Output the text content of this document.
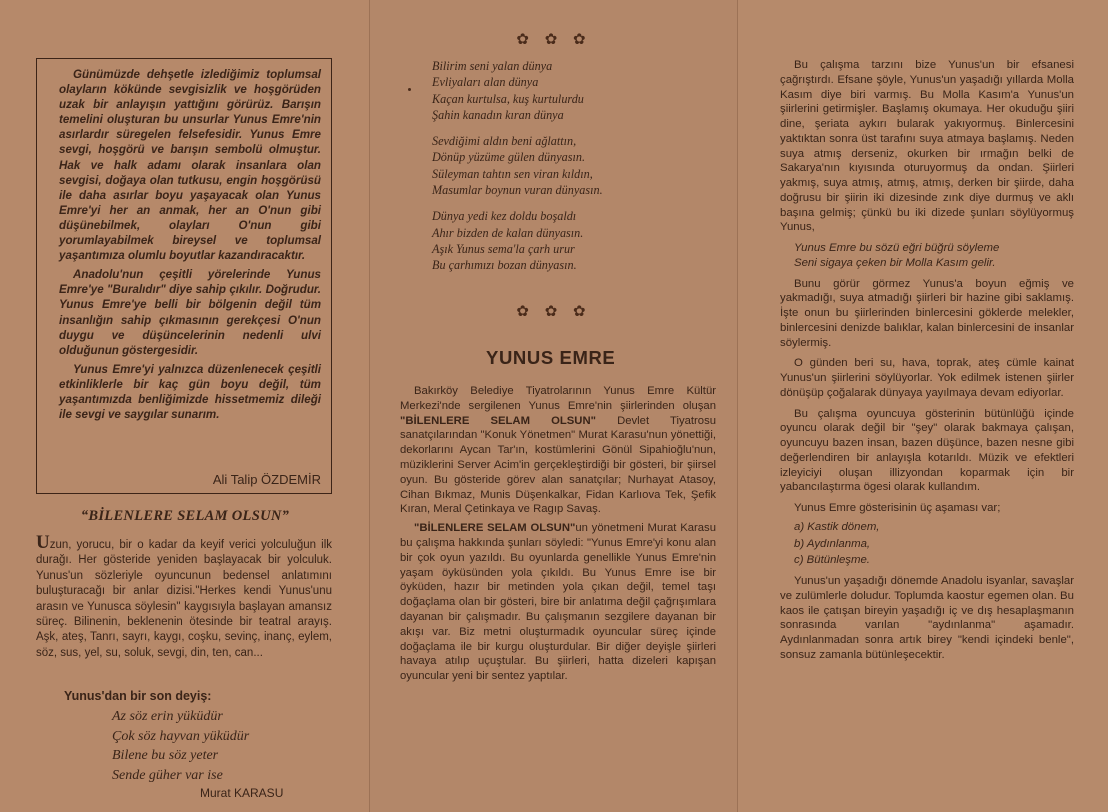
Günümüzde dehşetle izlediğimiz toplumsal olayların kökünde sevgisizlik ve hoşgörüden uzak bir anlayışın yattığını görürüz. Barışın temelini oluşturan bu unsurlar Yunus Emre'nin asırlardır süregelen felsefesidir. Yunus Emre sevgi, hoşgörü ve barışın sembolü olmuştur. Hak ve halk adamı olarak insanlara olan sevgisi, doğaya olan tutkusu, engin hoşgörüsü ile daha asırlar boyu yaşayacak olan Yunus Emre'yi her an anmak, her an O'nun gibi düşünebilmek, olayları O'nun gibi yorumlayabilmek bireysel ve toplumsal yaşantımıza olumlu boyutlar kazandıracaktır.

Anadolu'nun çeşitli yörelerinde Yunus Emre'ye "Buralıdır" diye sahip çıkılır. Doğrudur. Yunus Emre'ye belli bir bölgenin değil tüm insanlığın sahip çıkmasının gerekçesi O'nun duygu ve düşüncelerinin nedenli ulvi olduğunun göstergesidir.

Yunus Emre'yi yalnızca düzenlenecek çeşitli etkinliklerle bir kaç gün boyu değil, tüm yaşantımızda benliğimizde hissetmemiz dileği ile sevgi ve saygılar sunarım.

Ali Talip ÖZDEMİR
“BİLENLERE SELAM OLSUN”
Uzun, yorucu, bir o kadar da keyif verici yolculuğun ilk durağı. Her gösteride yeniden başlayacak bir yolculuk. Yunus'un sözleriyle oyuncunun bedensel anlatımını buluşturacağı bir anlar dizisi."Herkes kendi Yunus'unu arasın ve Yunusca söylesin" kaygısıyla başlayan amansız süreç. Bilinenin, beklenenin ötesinde bir teatral arayış. Aşk, ateş, Tanrı, sayrı, kaygı, coşku, sevinç, inanç, eylem, söz, sus, yel, su, soluk, sevgi, din, ten, can...
Yunus'dan bir son deyiş:
Az söz erin yüküdür
Çok söz hayvan yüküdür
Bilene bu söz yeter
Sende güher var ise
Murat KARASU
✿ ✿ ✿
Bilirim seni yalan dünya
Evliyaları alan dünya
Kaçan kurtulsa, kuş kurtulurdu
Şahin kanadın kıran dünya
Sevdiğimi aldın beni ağlattın,
Dönüp yüzüme gülen dünyasın.
Süleyman tahtın sen viran kıldın,
Masumlar boynun vuran dünyasın.
Dünya yedi kez doldu boşaldı
Ahır bizden de kalan dünyasın.
Aşık Yunus sema'la çarh urur
Bu çarhımızı bozan dünyasın.
✿ ✿ ✿
YUNUS EMRE

Bakırköy Belediye Tiyatrolarının Yunus Emre Kültür Merkezi'nde sergilenen Yunus Emre'nin şiirlerinden oluşan "BİLENLERE SELAM OLSUN" Devlet Tiyatrosu sanatçılarından "Konuk Yönetmen" Murat Karasu'nun yönettiği, dekorlarını Aycan Tar'ın, kostümlerini Gönül Sipahioğlu'nun, müziklerini Server Acim'in gerçekleştirdiği bir gösteri, bir şiirsel oyun. Bu gösteride görev alan sanatçılar; Nurhayat Atasoy, Cihan Bıkmaz, Munis Düşenkalkar, Fidan Karlıova Tek, Şefik Kıran, Meral Çetinkaya ve Ragıp Savaş.

"BİLENLERE SELAM OLSUN"un yönetmeni Murat Karasu bu çalışma hakkında şunları söyledi: "Yunus Emre'yi konu alan bir çok oyun yazıldı. Bu oyunlarda genellikle Yunus Emre'nin yaşam öyküsünden yola çıkıldı. Bu Yunus Emre ise bir öyküden, hazır bir metinden yola çıkan değil, temel taşı doğaçlama olan bir gösteri, bire bir anlatıma değil çağrışımlara dayanan bir çalışmadır. Bu çalışmanın sezgilere dayanan bir akışı var. Biz metni oluşturmadık oyuncular süreç içinde doğaçlama ile bir kurgu oluşturdular. Bir diğer deyişle şiirleri havaya atılıp uçuştular. Bu şiirleri, hatta dizeleri kapışan oyuncular yeni bir sentez yaptılar.

Bu çalışma tarzını bize Yunus'un bir efsanesi çağrıştırdı. Efsane şöyle, Yunus'un yaşadığı yıllarda Molla Kasım diye biri varmış. Bu Molla Kasım'a Yunus'un şiirlerini getirmişler. Başlamış okumaya. Her okuduğu şiiri dine, şeriata aykırı bularak yakıyormuş. Binlercesini yaktıktan sonra üst tarafını suya atmaya başlamış. Neden suya atmış derseniz, okurken bir ırmağın belki de Sakarya'nın kıyısında oturuyormuş da ondan. Şiirleri yakmış, suya atmış, atmış, atmış, derken bir şiirde, daha doğrusu bir şiirin iki dizesinde zınk diye durmuş ve aklı başına gelmiş; çünkü bu iki dizede şunları söylüyormuş Yunus,

Yunus Emre bu sözü eğri büğrü söyleme
Seni sigaya çeken bir Molla Kasım gelir.

Bunu görür görmez Yunus'a boyun eğmiş ve yakmadığı, suya atmadığı şiirleri bir hazine gibi saklamış. İşte onun bu şiirlerinden binlercesini göklerde melekler, binlercesini denizde balıklar, kalan binlercesini de insanlar söylermiş.

O günden beri su, hava, toprak, ateş cümle kainat Yunus'un şiirlerini söylüyorlar. Yok edilmek istenen şiirler dönüşüp çoğalarak dünyaya yayılmaya devam ediyorlar.

Bu çalışma oyuncuya gösterinin bütünlüğü içinde oyuncu olarak değil bir "şey" olarak bakmaya çalışan, oyuncuyu bazen insan, bazen düşünce, bazen nesne gibi değerlendiren bir anlayışla kotarıldı. Müzik ve efektleri izleyiciyi oluşan illizyondan koparmak için bir yabancılaştırma ögesi olarak kullandım.

Yunus Emre gösterisinin üç aşaması var;
a) Kastik dönem,
b) Aydınlanma,
c) Bütünleşme.

Yunus'un yaşadığı dönemde Anadolu isyanlar, savaşlar ve zulümlerle doludur. Toplumda kaostur egemen olan. Bu kaos ile çatışan bireyin yaşadığı iç ve dış hesaplaşmanın sonrasında varılan "aydınlanma" aşamadır. Aydınlanmadan sonra artık birey "kendi içindeki benle", sonsuz zamanla bütünleşecektir.
